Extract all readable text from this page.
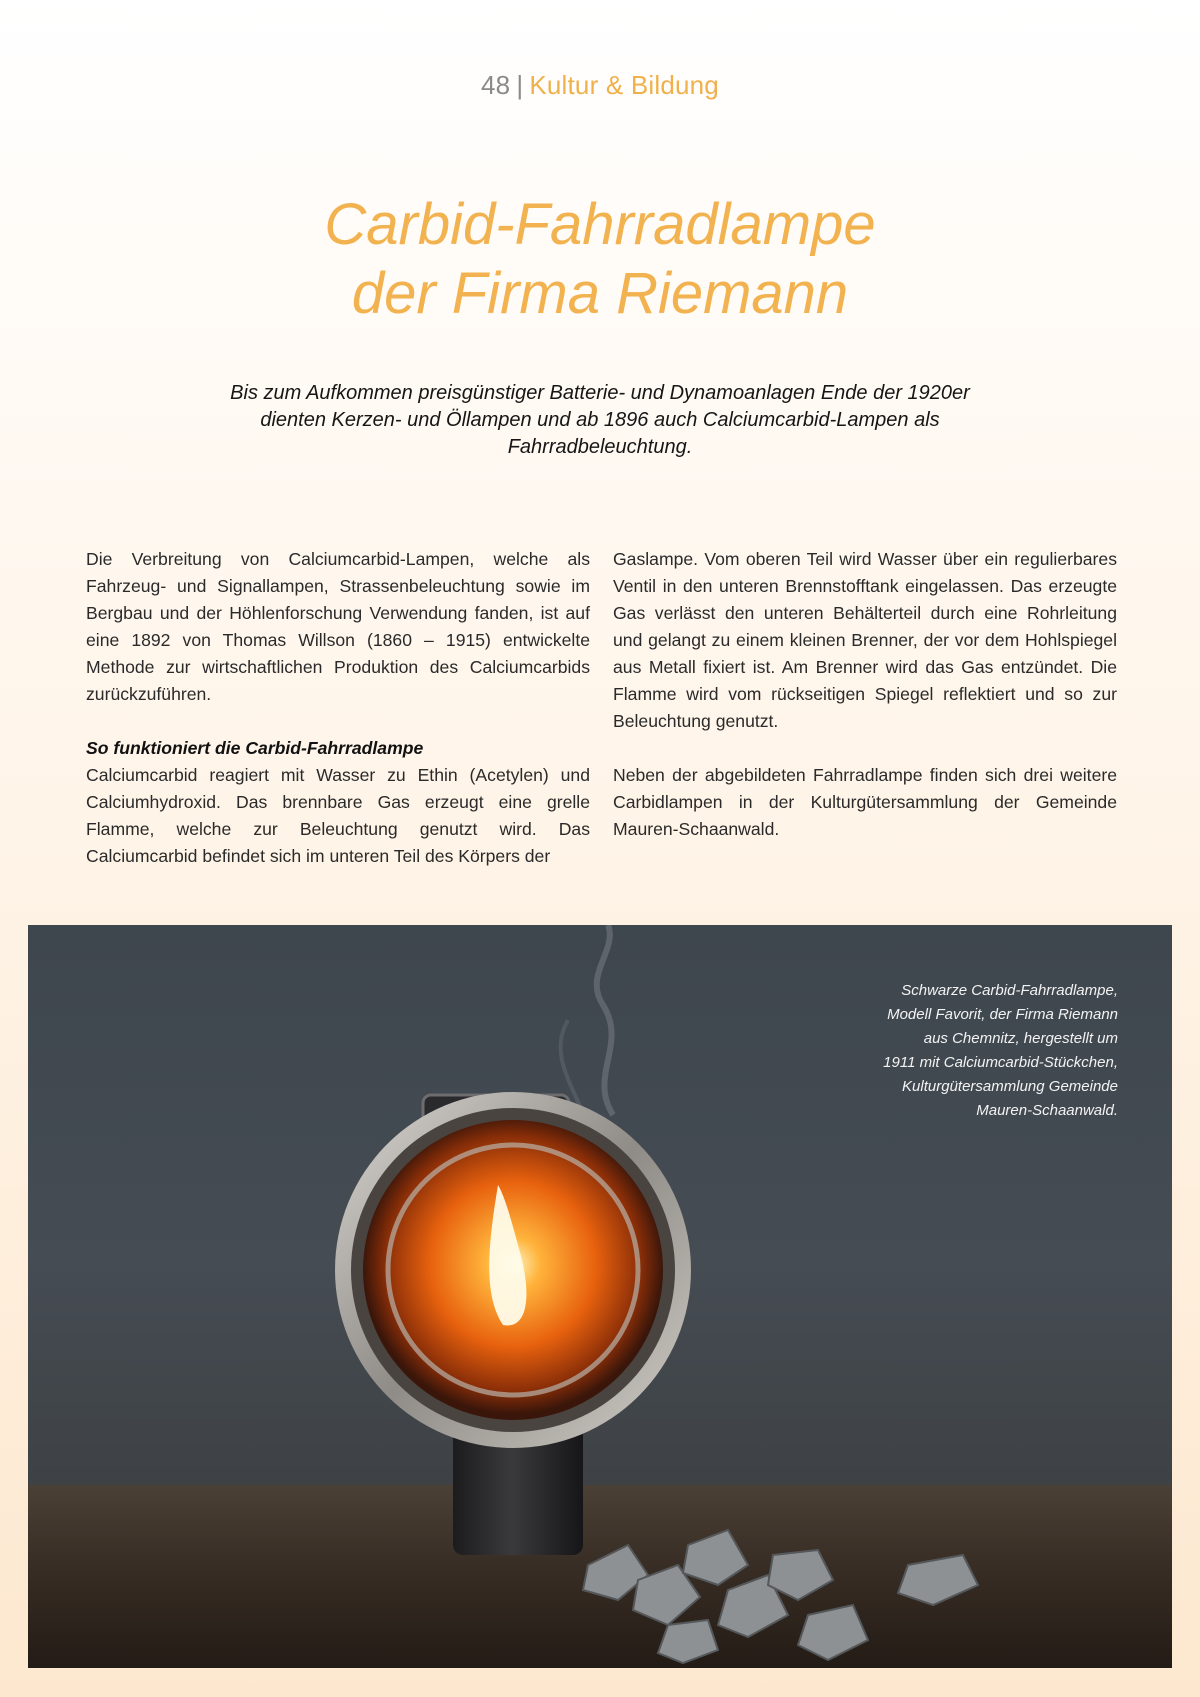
48 | Kultur & Bildung
Carbid-Fahrradlampe
der Firma Riemann
Bis zum Aufkommen preisgünstiger Batterie- und Dynamoanlagen Ende der 1920er dienten Kerzen- und Öllampen und ab 1896 auch Calciumcarbid-Lampen als Fahrradbeleuchtung.

Die Verbreitung von Calciumcarbid-Lampen, welche als Fahrzeug- und Signallampen, Strassenbeleuchtung sowie im Bergbau und der Höhlenforschung Verwendung fanden, ist auf eine 1892 von Thomas Willson (1860 – 1915) entwickelte Methode zur wirtschaftlichen Produktion des Calciumcarbids zurückzuführen.

So funktioniert die Carbid-Fahrradlampe

Calciumcarbid reagiert mit Wasser zu Ethin (Acetylen) und Calciumhydroxid. Das brennbare Gas erzeugt eine grelle Flamme, welche zur Beleuchtung genutzt wird. Das Calciumcarbid befindet sich im unteren Teil des Körpers der

Gaslampe. Vom oberen Teil wird Wasser über ein regulierbares Ventil in den unteren Brennstofftank eingelassen. Das erzeugte Gas verlässt den unteren Behälterteil durch eine Rohrleitung und gelangt zu einem kleinen Brenner, der vor dem Hohlspiegel aus Metall fixiert ist. Am Brenner wird das Gas entzündet. Die Flamme wird vom rückseitigen Spiegel reflektiert und so zur Beleuchtung genutzt.

Neben der abgebildeten Fahrradlampe finden sich drei weitere Carbidlampen in der Kulturgütersammlung der Gemeinde Mauren-Schaanwald.

Schwarze Carbid-Fahrradlampe,
Modell Favorit, der Firma Riemann
aus Chemnitz, hergestellt um
1911 mit Calciumcarbid-Stückchen,
Kulturgütersammlung Gemeinde
Mauren-Schaanwald.
